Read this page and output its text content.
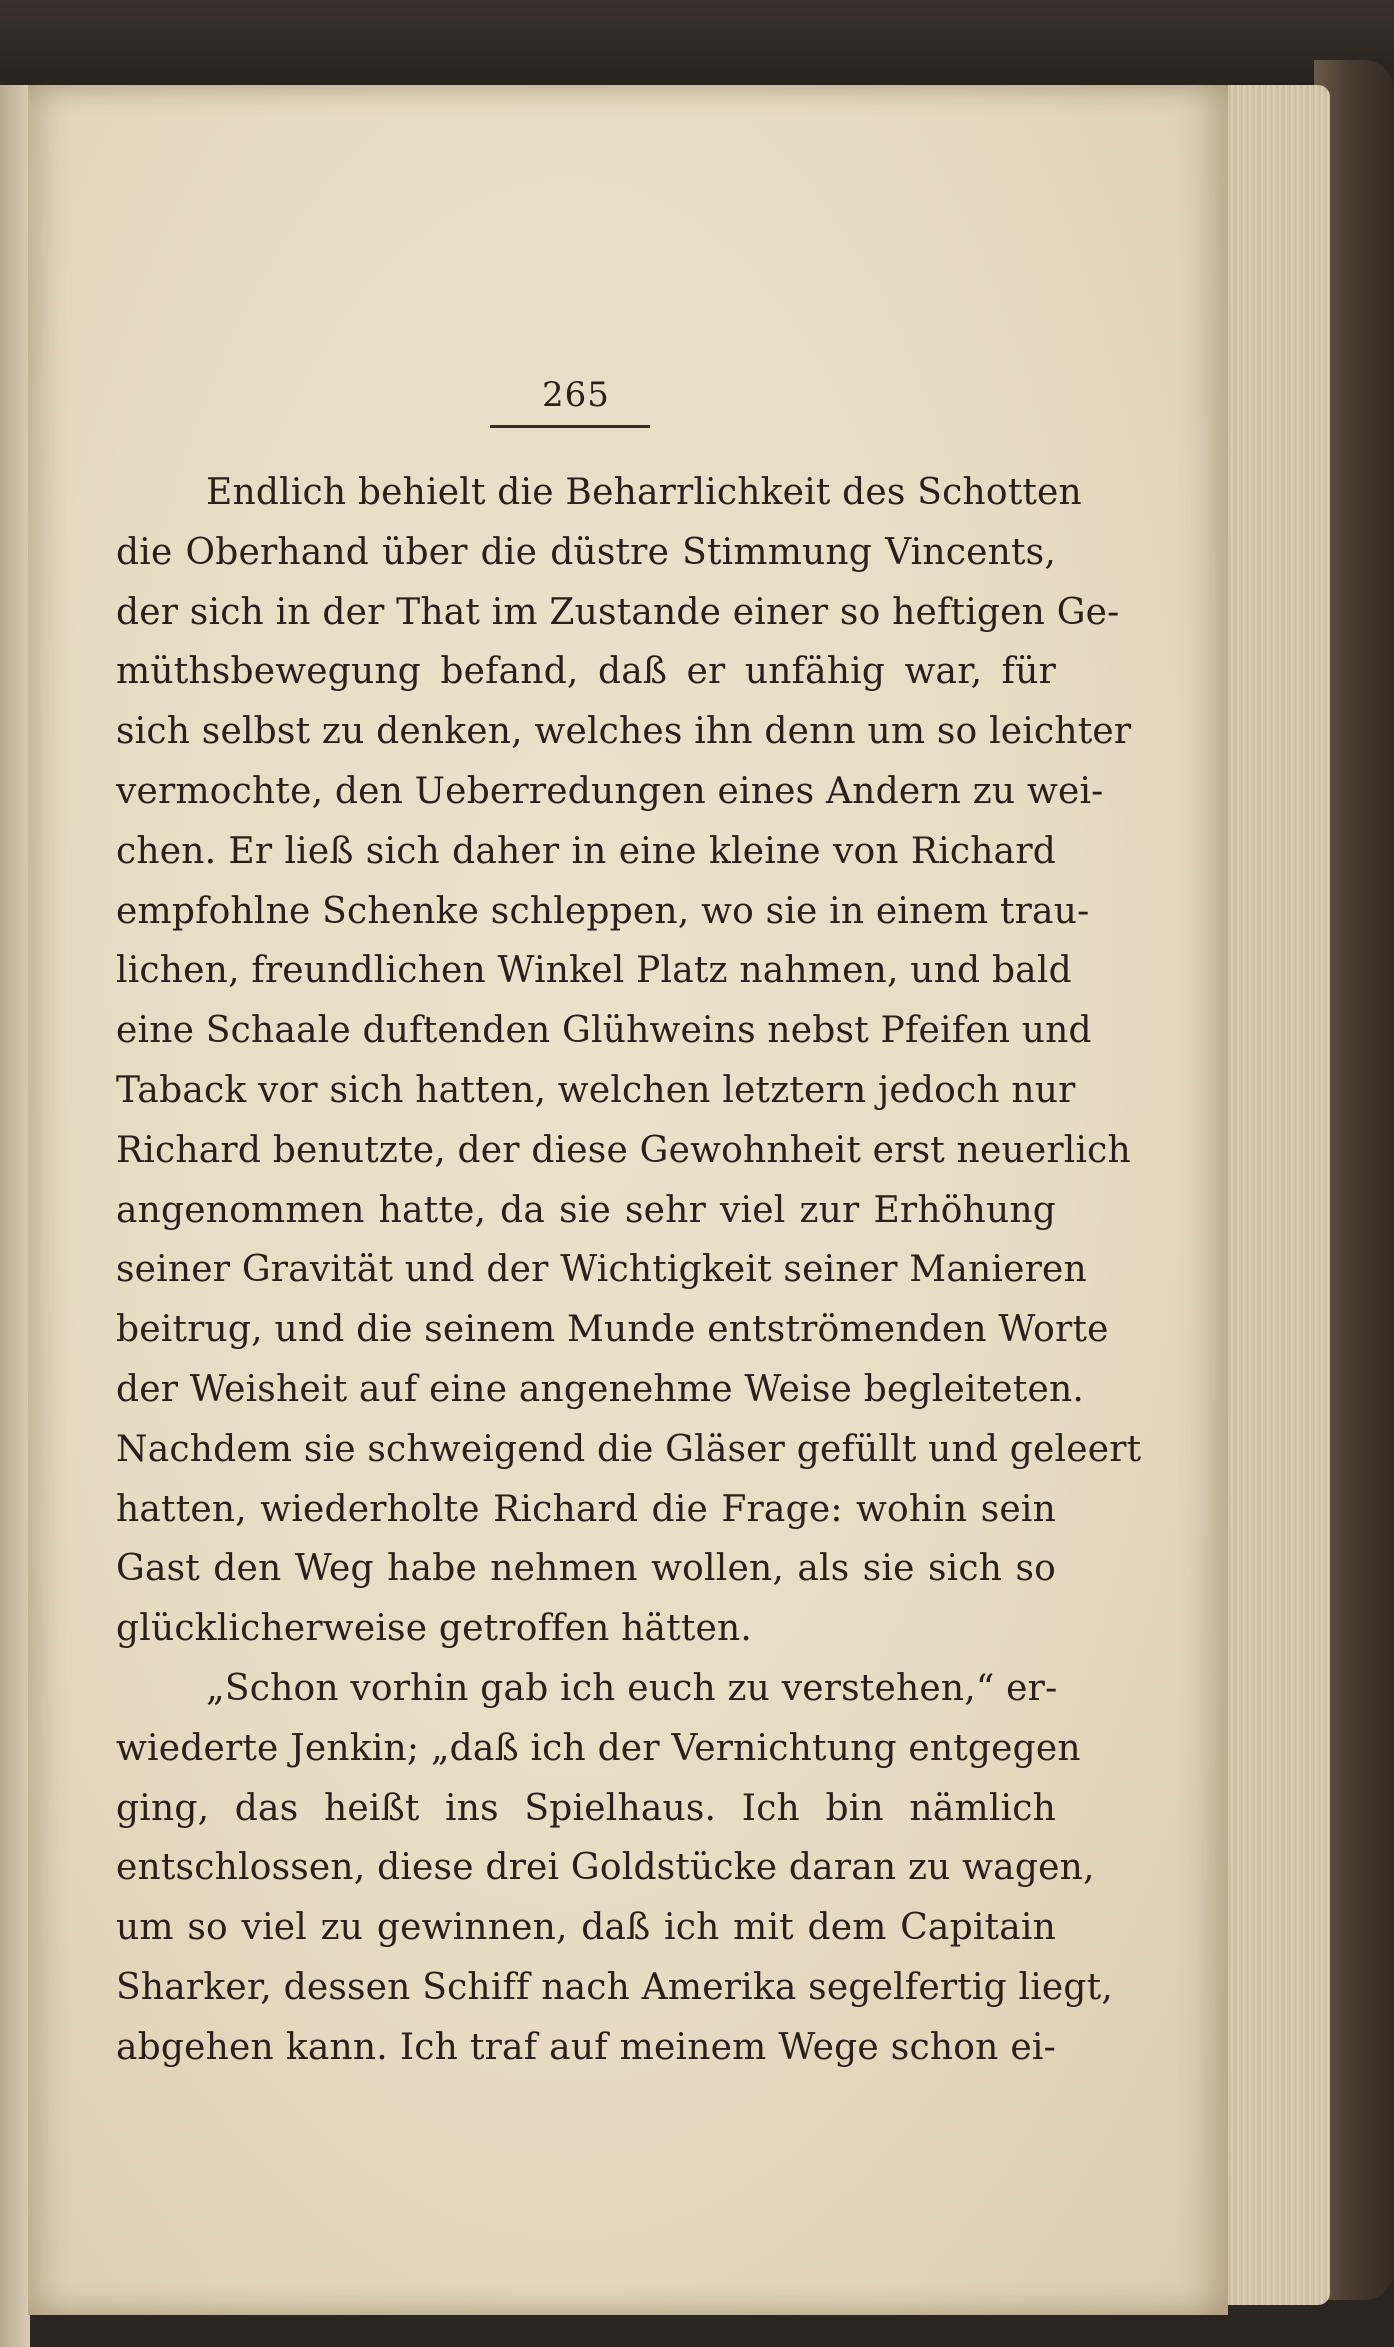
265
Endlich behielt die Beharrlichkeit des Schotten
die Oberhand über die düstre Stimmung Vincents,
der sich in der That im Zustande einer so heftigen Ge-
müthsbewegung befand, daß er unfähig war, für
sich selbst zu denken, welches ihn denn um so leichter
vermochte, den Ueberredungen eines Andern zu wei-
chen. Er ließ sich daher in eine kleine von Richard
empfohlne Schenke schleppen, wo sie in einem trau-
lichen, freundlichen Winkel Platz nahmen, und bald
eine Schaale duftenden Glühweins nebst Pfeifen und
Taback vor sich hatten, welchen letztern jedoch nur
Richard benutzte, der diese Gewohnheit erst neuerlich
angenommen hatte, da sie sehr viel zur Erhöhung
seiner Gravität und der Wichtigkeit seiner Manieren
beitrug, und die seinem Munde entströmenden Worte
der Weisheit auf eine angenehme Weise begleiteten.
Nachdem sie schweigend die Gläser gefüllt und geleert
hatten, wiederholte Richard die Frage: wohin sein
Gast den Weg habe nehmen wollen, als sie sich so
glücklicherweise getroffen hätten.
„Schon vorhin gab ich euch zu verstehen,“ er-
wiederte Jenkin; „daß ich der Vernichtung entgegen
ging, das heißt ins Spielhaus. Ich bin nämlich
entschlossen, diese drei Goldstücke daran zu wagen,
um so viel zu gewinnen, daß ich mit dem Capitain
Sharker, dessen Schiff nach Amerika segelfertig liegt,
abgehen kann. Ich traf auf meinem Wege schon ei-
